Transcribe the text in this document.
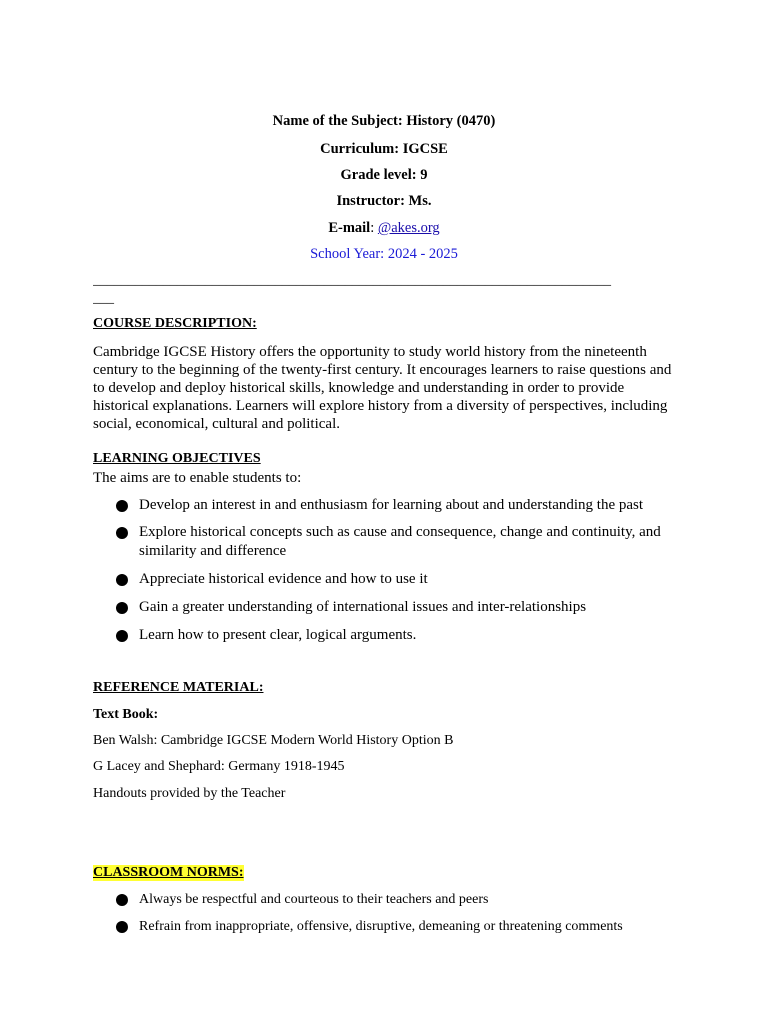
Name of the Subject: History (0470)
Curriculum: IGCSE
Grade level: 9
Instructor: Ms.
E-mail: @akes.org
School Year: 2024 - 2025
__________________________________________________________________________
___
COURSE DESCRIPTION:
Cambridge IGCSE History offers the opportunity to study world history from the nineteenth century to the beginning of the twenty-first century. It encourages learners to raise questions and to develop and deploy historical skills, knowledge and understanding in order to provide historical explanations. Learners will explore history from a diversity of perspectives, including social, economical, cultural and political.
LEARNING OBJECTIVES
The aims are to enable students to:
Develop an interest in and enthusiasm for learning about and understanding the past
Explore historical concepts such as cause and consequence, change and continuity, and similarity and difference
Appreciate historical evidence and how to use it
Gain a greater understanding of international issues and inter-relationships
Learn how to present clear, logical arguments.
REFERENCE MATERIAL:
Text Book:
Ben Walsh: Cambridge IGCSE Modern World History Option B
G Lacey and Shephard: Germany 1918-1945
Handouts provided by the Teacher
CLASSROOM NORMS:
Always be respectful and courteous to their teachers and peers
Refrain from inappropriate, offensive, disruptive, demeaning or threatening comments
